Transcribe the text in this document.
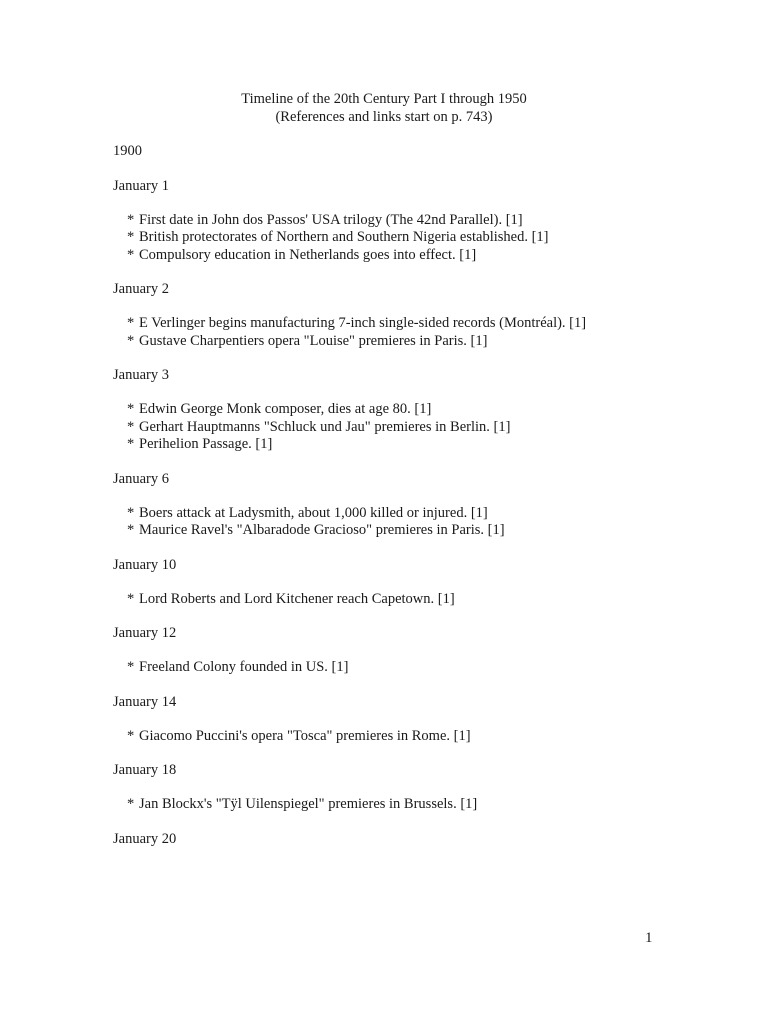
Timeline of the 20th Century Part I through 1950
(References and links start on p. 743)
1900
January 1
* First date in John dos Passos' USA trilogy (The 42nd Parallel). [1]
* British protectorates of Northern and Southern Nigeria established. [1]
* Compulsory education in Netherlands goes into effect. [1]
January 2
* E Verlinger begins manufacturing 7-inch single-sided records (Montréal). [1]
* Gustave Charpentiers opera "Louise" premieres in Paris. [1]
January 3
* Edwin George Monk composer, dies at age 80. [1]
* Gerhart Hauptmanns "Schluck und Jau" premieres in Berlin. [1]
* Perihelion Passage. [1]
January 6
* Boers attack at Ladysmith, about 1,000 killed or injured. [1]
* Maurice Ravel's "Albaradode Gracioso" premieres in Paris. [1]
January 10
* Lord Roberts and Lord Kitchener reach Capetown. [1]
January 12
* Freeland Colony founded in US. [1]
January 14
* Giacomo Puccini's opera "Tosca" premieres in Rome. [1]
January 18
* Jan Blockx's "Tÿl Uilenspiegel" premieres in Brussels. [1]
January 20
1
